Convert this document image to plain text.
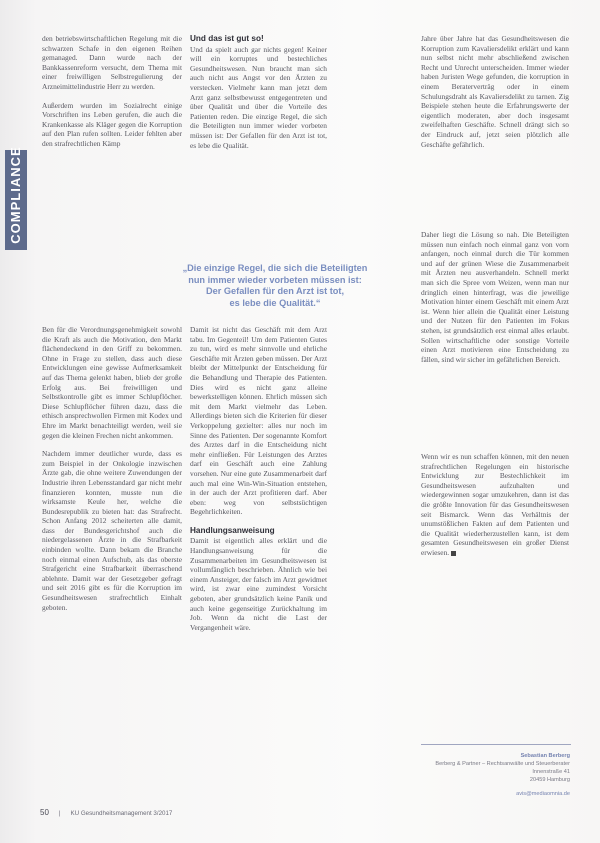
COMPLIANCE

den betriebswirtschaftlichen Regelung mit die schwarzen Schafe in den eigenen Reihen gemanaged. Dann wurde nach der Bankkassenreform versucht, dem Thema mit einer freiwilligen Selbstregulierung der Arzneimittelindustrie Herr zu werden.

Außerdem wurden im Sozialrecht einige Vorschriften ins Leben gerufen, die auch die Krankenkasse als Kläger gegen die Korruption auf den Plan rufen sollten. Leider fehlten aber den strafrechtlichen Kämp

Und das ist gut so!

Und da spielt auch gar nichts gegen! Keiner will ein korruptes und bestechliches Gesundheitswesen. Nun braucht man sich auch nicht aus Angst vor den Ärzten zu verstecken. Vielmehr kann man jetzt dem Arzt ganz selbstbewusst entgegentreten und über Qualität und über die Vorteile des Patienten reden. Die einzige Regel, die sich die Beteiligten nun immer wieder vorbeten müssen ist: Der Gefallen für den Arzt ist tot, es lebe die Qualität.

Jahre über Jahre hat das Gesundheitswesen die Korruption zum Kavaliersdelikt erklärt und kann nun selbst nicht mehr abschließend zwischen Recht und Unrecht unterscheiden. Immer wieder haben Juristen Wege gefunden, die korruption in einem Beraterverträg oder in einem Schulungsdraht als Kavaliersdelikt zu tarnen. Zig Beispiele stehen heute die Erfahrungswerte der eigentlich moderaten, aber doch insgesamt zweifelhaften Geschäfte. Schnell drängt sich so der Eindruck auf, jetzt seien plötzlich alle Geschäfte gefährlich.

„Die einzige Regel, die sich die Beteiligten
nun immer wieder vorbeten müssen ist:
Der Gefallen für den Arzt ist tot,
es lebe die Qualität.“

Daher liegt die Lösung so nah. Die Beteiligten müssen nun einfach noch einmal ganz von vorn anfangen, noch einmal durch die Tür kommen und auf der grünen Wiese die Zusammenarbeit mit Ärzten neu ausverhandeln. Schnell merkt man sich die Spree vom Weizen, wenn man nur dringlich einen hinterfragt, was die jeweilige Motivation hinter einem Geschäft mit einem Arzt ist. Wenn hier allein die Qualität einer Leistung und der Nutzen für den Patienten im Fokus stehen, ist grundsätzlich erst einmal alles erlaubt. Sollen wirtschaftliche oder sonstige Vorteile einen Arzt motivieren eine Entscheidung zu fällen, sind wir sicher im gefährlichen Bereich.

Wenn wir es nun schaffen können, mit den neuen strafrechtlichen Regelungen ein historische Entwicklung zur Bestechlichkeit im Gesundheitswesen aufzuhalten und wiedergewinnen sogar umzukehren, dann ist das die größte Innovation für das Gesundheitswesen seit Bismarck. Wenn das Verhältnis der unumstößlichen Fakten auf dem Patienten und die Qualität wiederherzustellen kann, ist dem gesamten Gesundheitswesen ein großer Dienst erwiesen.

Ben für die Verordnungsgenehmigkeit sowohl die Kraft als auch die Motivation, den Markt flächendeckend in den Griff zu bekommen. Ohne in Frage zu stellen, dass auch diese Entwicklungen eine gewisse Aufmerksamkeit auf das Thema gelenkt haben, blieb der große Erfolg aus. Bei freiwilligen und Selbstkontrolle gibt es immer Schlupflöcher. Diese Schlupflöcher führen dazu, dass die ethisch ansprechwollen Firmen mit Kodex und Ehre im Markt benachteiligt werden, weil sie gegen die kleinen Frechen nicht ankommen.

Nachdem immer deutlicher wurde, dass es zum Beispiel in der Onkologie inzwischen Ärzte gab, die ohne weitere Zuwendungen der Industrie ihren Lebensstandard gar nicht mehr finanzieren konnten, musste nun die wirksamste Keule her, welche die Bundesrepublik zu bieten hat: das Strafrecht. Schon Anfang 2012 scheiterten alle damit, dass der Bundesgerichtshof auch die niedergelassenen Ärzte in die Strafbarkeit einbinden wollte. Dann bekam die Branche noch einmal einen Aufschub, als das oberste Strafgericht eine Strafbarkeit überraschend ablehnte. Damit war der Gesetzgeber gefragt und seit 2016 gibt es für die Korruption im Gesundheitswesen strafrechtlich Einhalt geboten.

Damit ist nicht das Geschäft mit dem Arzt tabu. Im Gegenteil! Um dem Patienten Gutes zu tun, wird es mehr sinnvolle und ehrliche Geschäfte mit Ärzten geben müssen. Der Arzt bleibt der Mittelpunkt der Entscheidung für die Behandlung und Therapie des Patienten. Dies wird es nicht ganz alleine bewerkstelligen können. Ehrlich müssen sich mit dem Markt vielmehr das Leben. Allerdings bieten sich die Kriterien für dieser Verkoppelung gezielter: alles nur noch im Sinne des Patienten. Der sogenannte Komfort des Arztes darf in die Entscheidung nicht mehr einfließen. Für Leistungen des Arztes darf ein Geschäft auch eine Zahlung vorsehen. Nur eine gute Zusammenarbeit darf auch mal eine Win-Win-Situation entstehen, in der auch der Arzt profitieren darf. Aber eben: weg von selbstsüchtigen Begehrlichkeiten.

Handlungsanweisung

Damit ist eigentlich alles erklärt und die Handlungsanweisung für die Zusammenarbeiten im Gesundheitswesen ist vollumfänglich beschrieben. Ähnlich wie bei einem Ansteiger, der falsch im Arzt gewidmet wird, ist zwar eine zumindest Vorsicht geboten, aber grundsätzlich keine Panik und auch keine gegenseitige Zurückhaltung im Job. Wenn da nicht die Last der Vergangenheit wäre.

Sebastian Berberg
Berberg & Partner – Rechtsanwälte und Steuerberater
Innenstraße 41
20459 Hamburg
avis@mediaomnia.de
50 | KU Gesundheitsmanagement 3/2017
